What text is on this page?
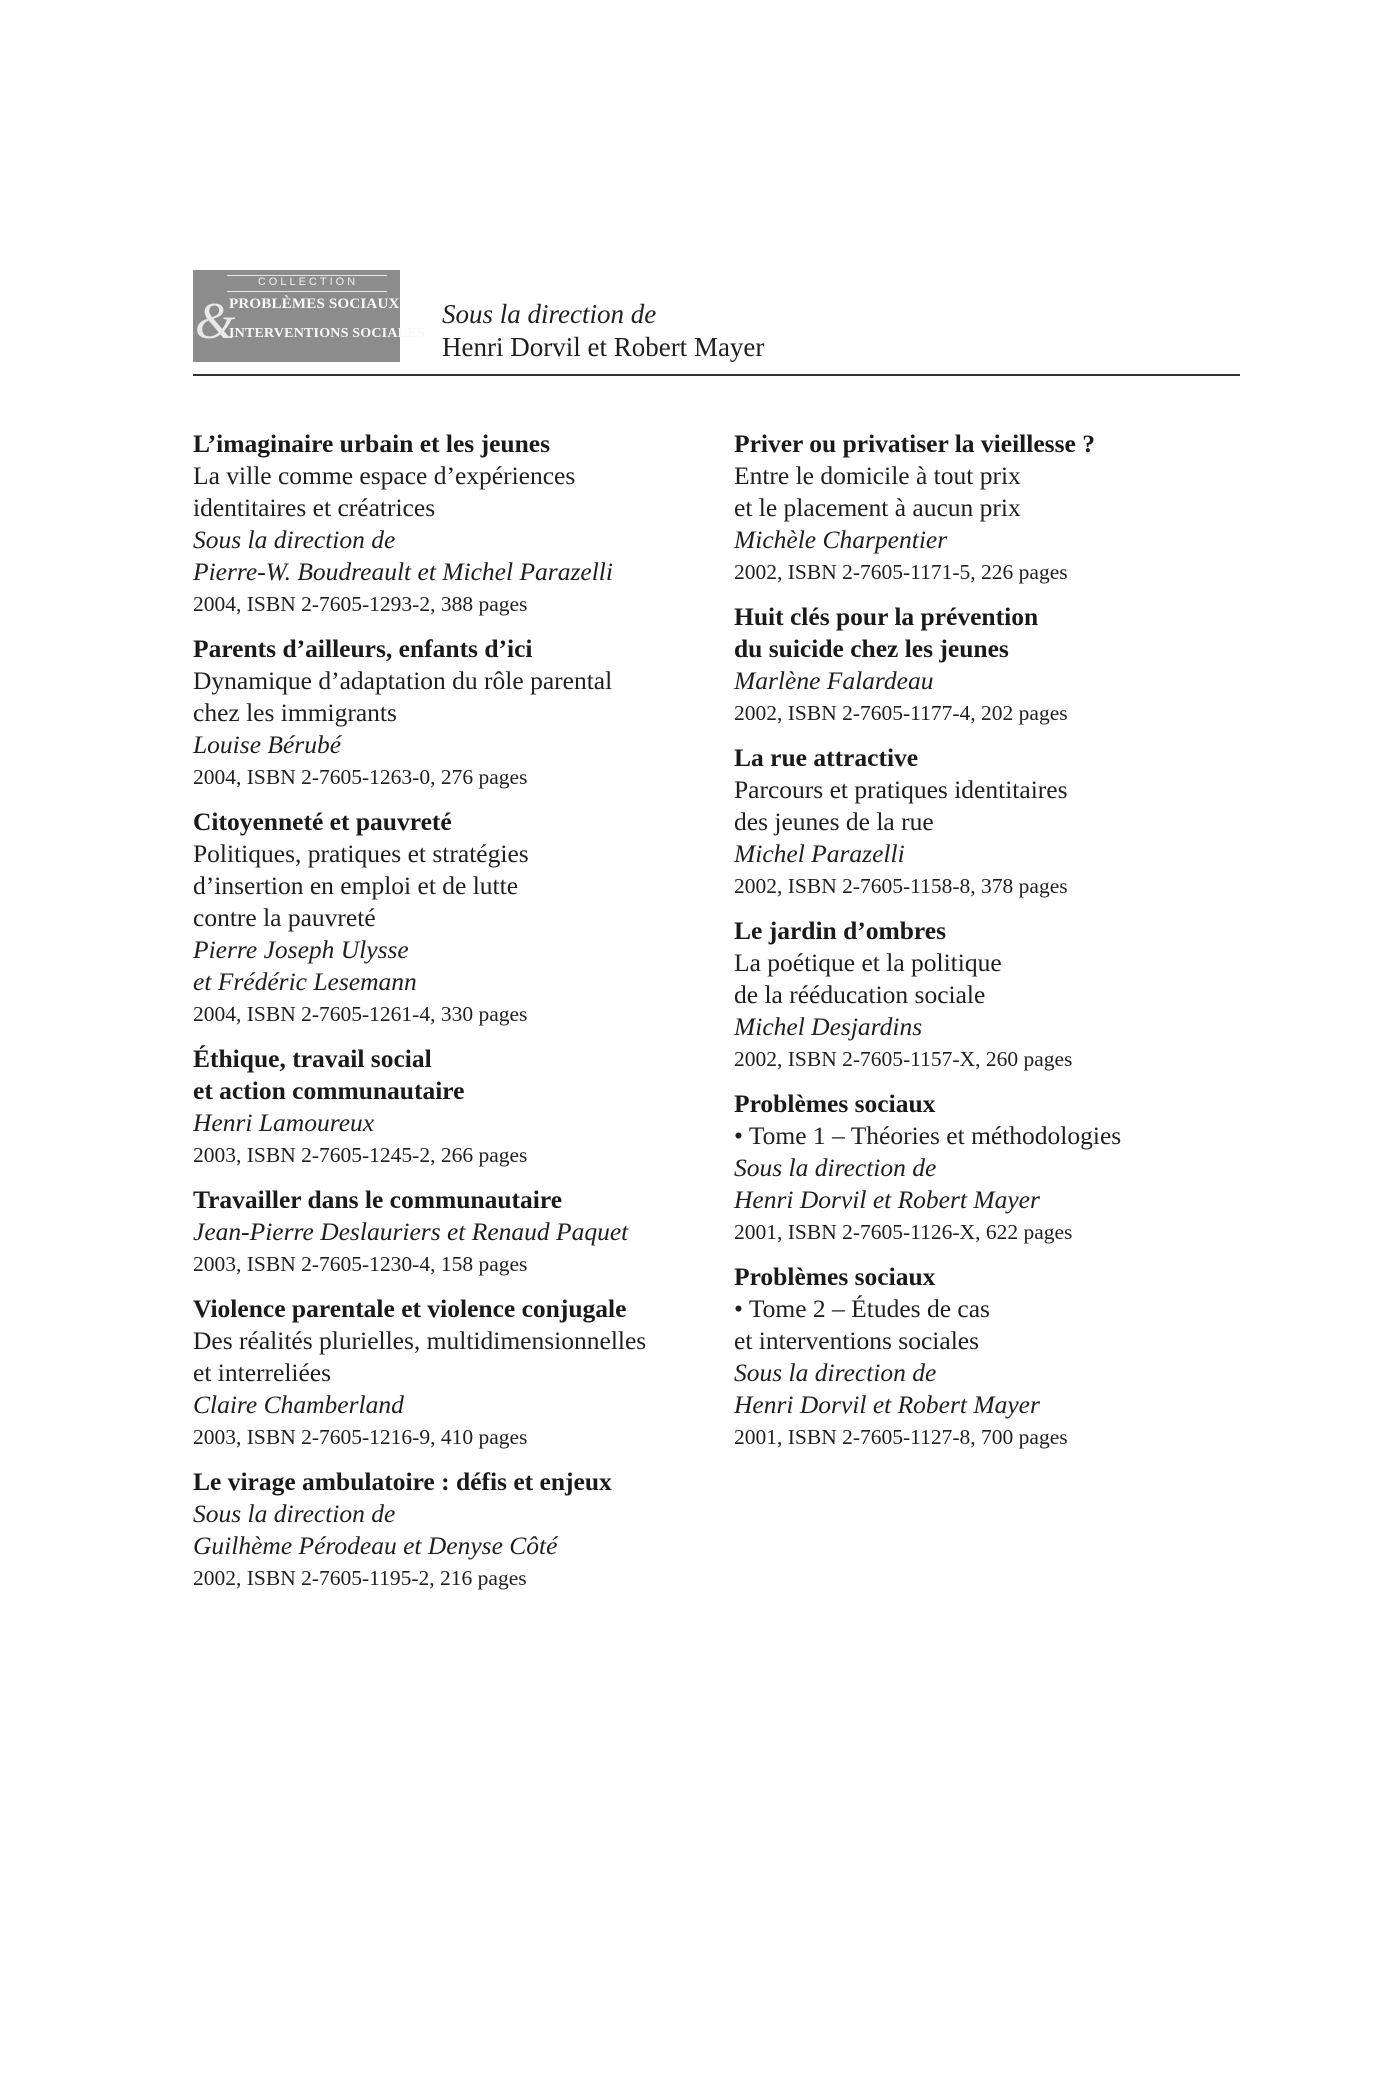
COLLECTION
&
PROBLÈMES SOCIAUX
INTERVENTIONS SOCIALES
Sous la direction de
Henri Dorvil et Robert Mayer
L’imaginaire urbain et les jeunes
La ville comme espace d’expériences
identitaires et créatrices
Sous la direction de
Pierre-W. Boudreault et Michel Parazelli
2004, ISBN 2-7605-1293-2, 388 pages
Parents d’ailleurs, enfants d’ici
Dynamique d’adaptation du rôle parental
chez les immigrants
Louise Bérubé
2004, ISBN 2-7605-1263-0, 276 pages
Citoyenneté et pauvreté
Politiques, pratiques et stratégies
d’insertion en emploi et de lutte
contre la pauvreté
Pierre Joseph Ulysse
et Frédéric Lesemann
2004, ISBN 2-7605-1261-4, 330 pages
Éthique, travail social
et action communautaire
Henri Lamoureux
2003, ISBN 2-7605-1245-2, 266 pages
Travailler dans le communautaire
Jean-Pierre Deslauriers et Renaud Paquet
2003, ISBN 2-7605-1230-4, 158 pages
Violence parentale et violence conjugale
Des réalités plurielles, multidimensionnelles
et interreliées
Claire Chamberland
2003, ISBN 2-7605-1216-9, 410 pages
Le virage ambulatoire : défis et enjeux
Sous la direction de
Guilhème Pérodeau et Denyse Côté
2002, ISBN 2-7605-1195-2, 216 pages
Priver ou privatiser la vieillesse ?
Entre le domicile à tout prix
et le placement à aucun prix
Michèle Charpentier
2002, ISBN 2-7605-1171-5, 226 pages
Huit clés pour la prévention
du suicide chez les jeunes
Marlène Falardeau
2002, ISBN 2-7605-1177-4, 202 pages
La rue attractive
Parcours et pratiques identitaires
des jeunes de la rue
Michel Parazelli
2002, ISBN 2-7605-1158-8, 378 pages
Le jardin d’ombres
La poétique et la politique
de la rééducation sociale
Michel Desjardins
2002, ISBN 2-7605-1157-X, 260 pages
Problèmes sociaux
• Tome 1 – Théories et méthodologies
Sous la direction de
Henri Dorvil et Robert Mayer
2001, ISBN 2-7605-1126-X, 622 pages
Problèmes sociaux
• Tome 2 – Études de cas
et interventions sociales
Sous la direction de
Henri Dorvil et Robert Mayer
2001, ISBN 2-7605-1127-8, 700 pages
